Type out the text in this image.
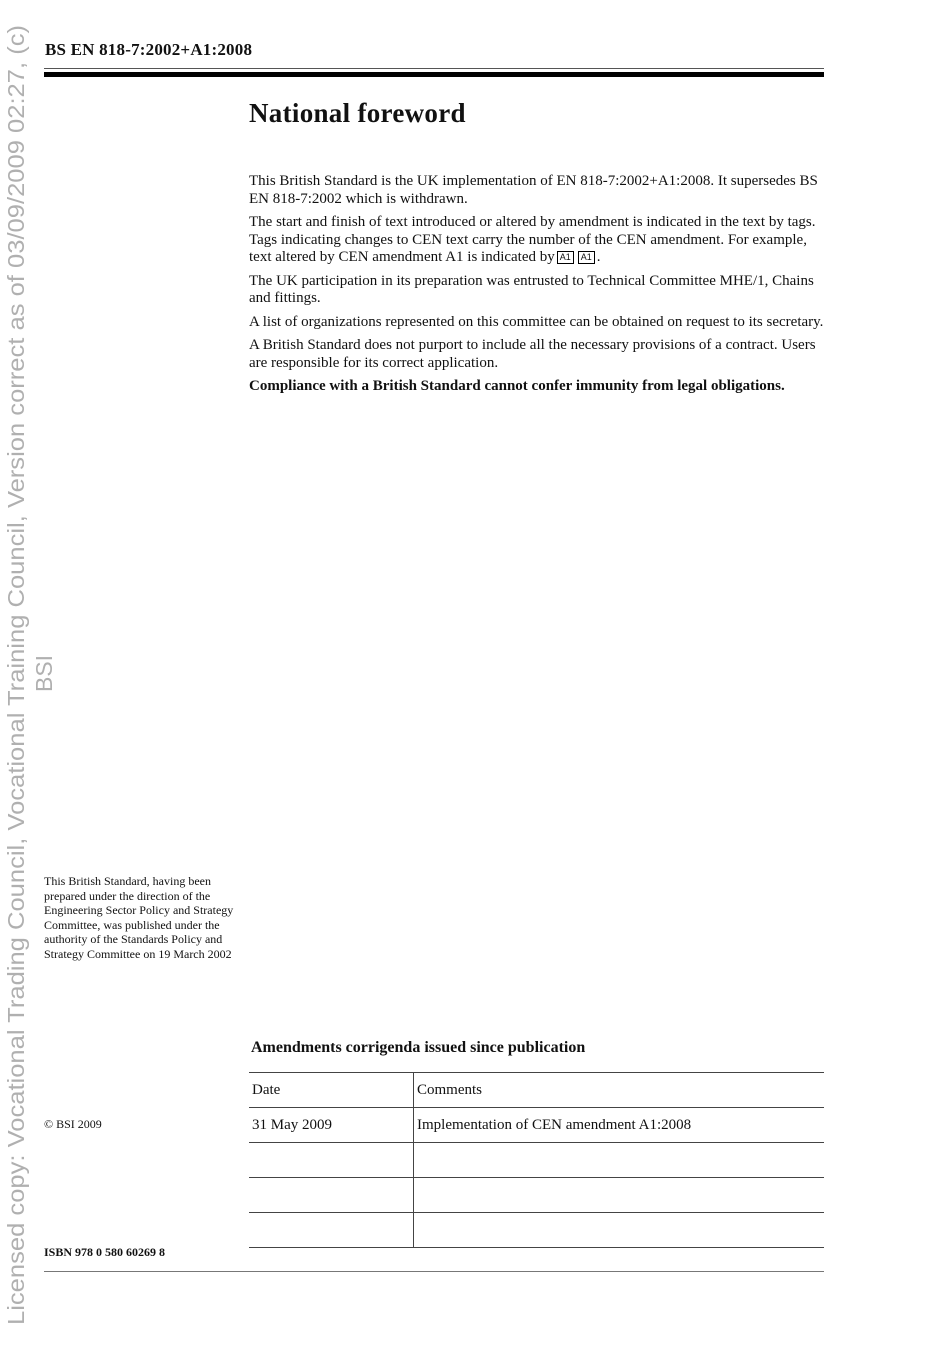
Licensed copy: Vocational Trading Council, Vocational Training Council, Version correct as of 03/09/2009 02:27, (c) BSI
BS EN 818-7:2002+A1:2008
National foreword

This British Standard is the UK implementation of EN 818-7:2002+A1:2008. It supersedes BS EN 818-7:2002 which is withdrawn.

The start and finish of text introduced or altered by amendment is indicated in the text by tags. Tags indicating changes to CEN text carry the number of the CEN amendment. For example, text altered by CEN amendment A1 is indicated by A1 A1 .

The UK participation in its preparation was entrusted to Technical Committee MHE/1, Chains and fittings.

A list of organizations represented on this committee can be obtained on request to its secretary.

A British Standard does not purport to include all the necessary provisions of a contract. Users are responsible for its correct application.

Compliance with a British Standard cannot confer immunity from legal obligations.

This British Standard, having been prepared under the direction of the Engineering Sector Policy and Strategy Committee, was published under the authority of the Standards Policy and Strategy Committee on 19 March 2002
© BSI 2009
ISBN 978 0 580 60269 8
Amendments corrigenda issued since publication
Date	Comments
31 May 2009	Implementation of CEN amendment A1:2008
